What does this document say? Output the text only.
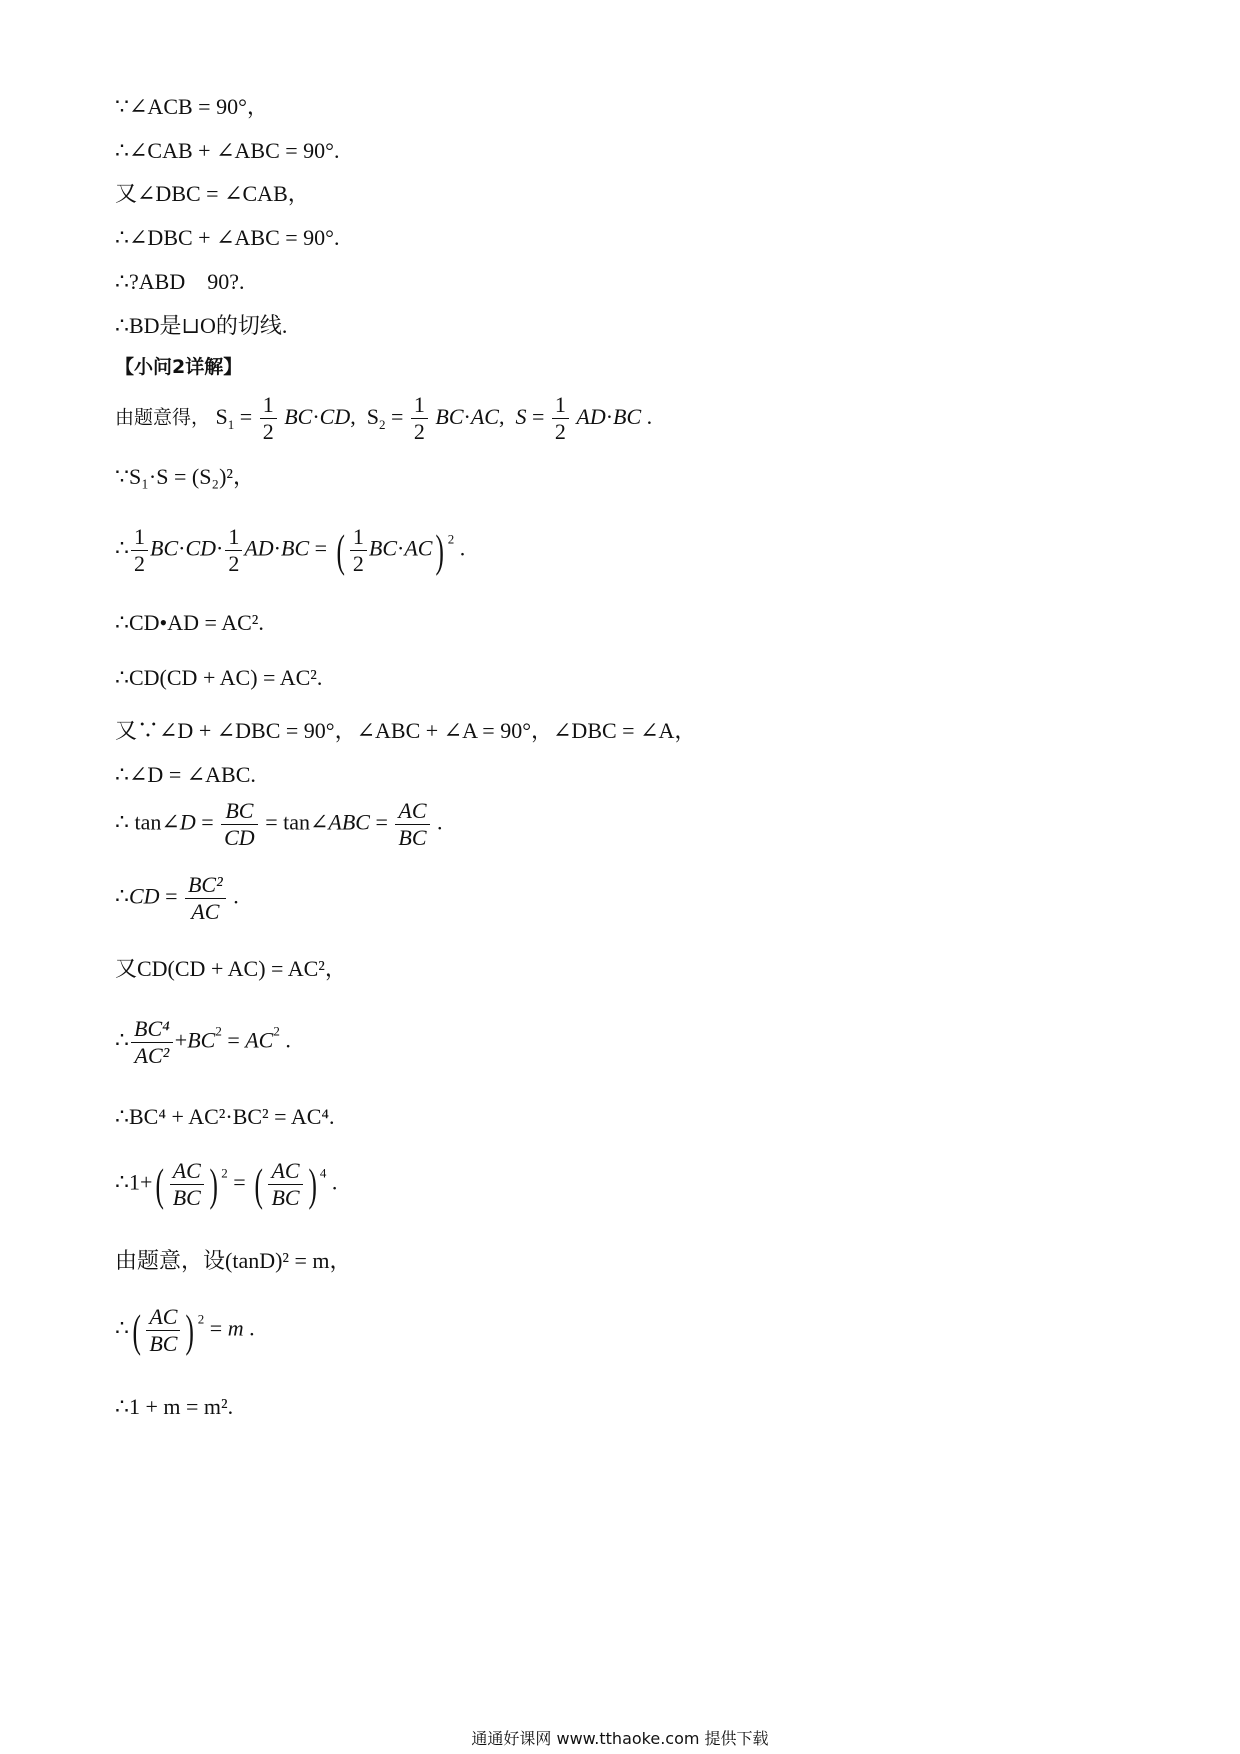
∵∠ACB = 90°，
∴∠CAB + ∠ABC = 90°.
又∠DBC = ∠CAB，
∴∠DBC + ∠ABC = 90°.
∴?ABD    90?.
∴BD是⊔O的切线.
【小问2详解】
由题意得， $S_1 = \frac{1}{2} BC\cdot CD$,  $S_2 = \frac{1}{2} BC\cdot AC$,  $S = \frac{1}{2} AD\cdot BC$ .
∵S₁·S = (S₂)²，
∴ $\frac{1}{2} BC\cdot CD\cdot \frac{1}{2} AD\cdot BC$ = ( $\frac{1}{2} BC\cdot AC$) $^2$ .
∴CD•AD = AC².
∴CD(CD + AC) = AC².
又∵∠D + ∠DBC = 90°，∠ABC + ∠A = 90°，∠DBC = ∠A，
∴∠D = ∠ABC.
∴ tan∠D = $\frac{BC}{CD}$ = tan∠ABC = $\frac{AC}{BC}$ .
∴CD = $\frac{\text{BC²}}{AC}$ .
又CD(CD + AC) = AC²，
∴ $\frac{\text{BC⁴}}{\text{AC²}} +BC^2 = AC^2$ .
∴BC⁴ + AC²·BC² = AC⁴.
∴1+( $\frac{AC}{BC}$ ) $^2$ = ( $\frac{AC}{BC}$ ) $^4$ .
由题意，设(tanD)² = m，
∴( $\frac{AC}{BC}$ ) $^2$ = m .
∴1 + m = m².
通通好课网 www.tthaoke.com 提供下载
